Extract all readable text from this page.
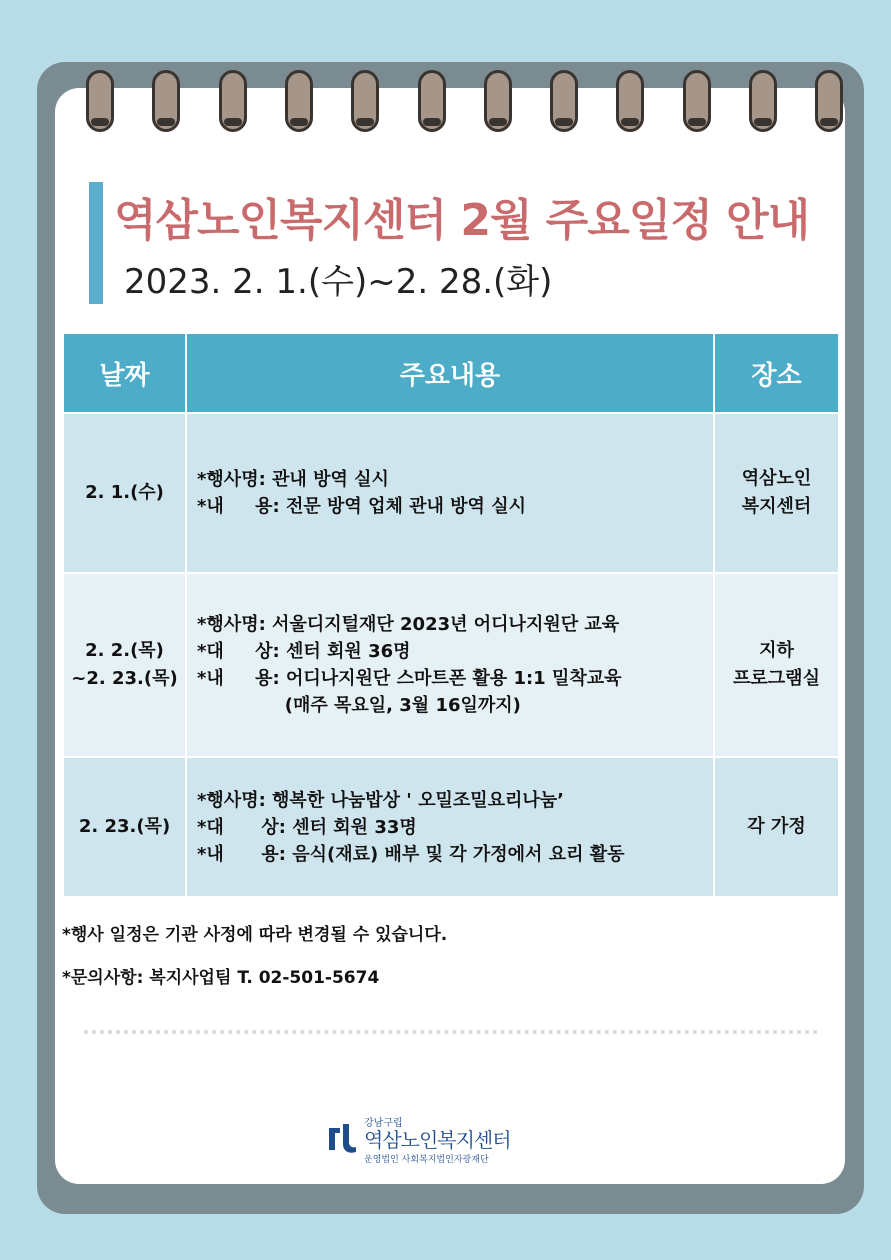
역삼노인복지센터 2월 주요일정 안내
2023. 2. 1.(수)~2. 28.(화)
날짜	주요내용	장소
2. 1.(수)	*행사명: 관내 방역 실시
*내     용: 전문 방역 업체 관내 방역 실시	역삼노인
복지센터
2. 2.(목)
~2. 23.(목)	*행사명: 서울디지털재단 2023년 어디나지원단 교육
*대     상: 센터 회원 36명
*내     용: 어디나지원단 스마트폰 활용 1:1 밀착교육
(매주 목요일, 3월 16일까지)	지하
프로그램실
2. 23.(목)	*행사명: 행복한 나눔밥상 ' 오밀조밀요리나눔’
*대      상: 센터 회원 33명
*내      용: 음식(재료) 배부 및 각 가정에서 요리 활동	각 가정
*행사 일정은 기관 사정에 따라 변경될 수 있습니다.
*문의사항: 복지사업팀 T. 02-501-5674
강남구립
역삼노인복지센터
운영법인 사회복지법인자광재단
